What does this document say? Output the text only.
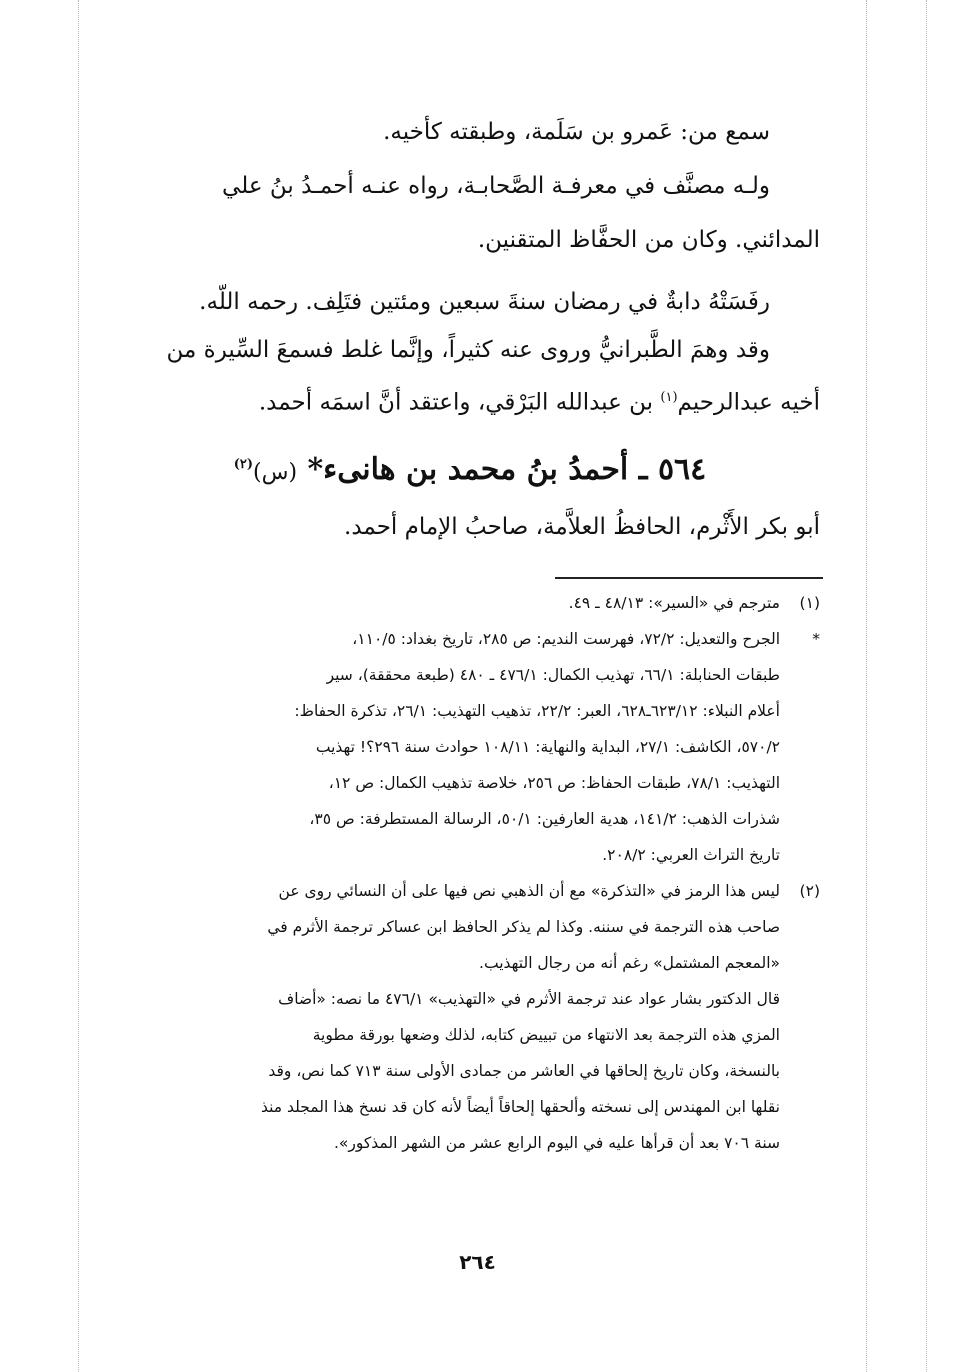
سمع من: عَمرو بن سَلَمة، وطبقته كأخيه.
ولـه مصنَّف في معرفـة الصَّحابـة، رواه عنـه أحمـدُ بنُ علي
المدائني. وكان من الحفَّاظ المتقنين.
رفَسَتْهُ دابةٌ في رمضان سنةَ سبعين ومئتين فتَلِف. رحمه اللّه.
وقد وهمَ الطَّبرانيُّ وروى عنه كثيراً، وإنَّما غلط فسمعَ السِّيرة من
أخيه عبدالرحيم$^{(١)}$ بن عبدالله البَرْقي، واعتقد أنَّ اسمَه أحمد.
٥٦٤ ـ أحمدُ بنُ محمد بن هانىء* (س)$^{(٢)}$
أبو بكر الأَثْرم، الحافظُ العلاَّمة، صاحبُ الإمام أحمد.
(١)
مترجم في «السير»: ٤٨/١٣ ـ ٤٩.
*
الجرح والتعديل: ٧٢/٢، فهرست النديم: ص ٢٨٥، تاريخ بغداد: ١١٠/٥،
طبقات الحنابلة: ٦٦/١، تهذيب الكمال: ٤٧٦/١ ـ ٤٨٠ (طبعة محققة)، سير
أعلام النبلاء: ٦٢٣/١٢ـ٦٢٨، العبر: ٢٢/٢، تذهيب التهذيب: ٢٦/١، تذكرة الحفاظ:
٥٧٠/٢، الكاشف: ٢٧/١، البداية والنهاية: ١٠٨/١١ حوادث سنة ٢٩٦؟! تهذيب
التهذيب: ٧٨/١، طبقات الحفاظ: ص ٢٥٦، خلاصة تذهيب الكمال: ص ١٢،
شذرات الذهب: ١٤١/٢، هدية العارفين: ٥٠/١، الرسالة المستطرفة: ص ٣٥،
تاريخ التراث العربي: ٢٠٨/٢.
(٢)
ليس هذا الرمز في «التذكرة» مع أن الذهبي نص فيها على أن النسائي روى عن
صاحب هذه الترجمة في سننه. وكذا لم يذكر الحافظ ابن عساكر ترجمة الأثرم في
«المعجم المشتمل» رغم أنه من رجال التهذيب.
قال الدكتور بشار عواد عند ترجمة الأثرم في «التهذيب» ٤٧٦/١ ما نصه: «أضاف
المزي هذه الترجمة بعد الانتهاء من تبييض كتابه، لذلك وضعها بورقة مطوية
بالنسخة، وكان تاريخ إلحاقها في العاشر من جمادى الأولى سنة ٧١٣ كما نص، وقد
نقلها ابن المهندس إلى نسخته وألحقها إلحاقاً أيضاً لأنه كان قد نسخ هذا المجلد منذ
سنة ٧٠٦ بعد أن قرأها عليه في اليوم الرابع عشر من الشهر المذكور».
٢٦٤
